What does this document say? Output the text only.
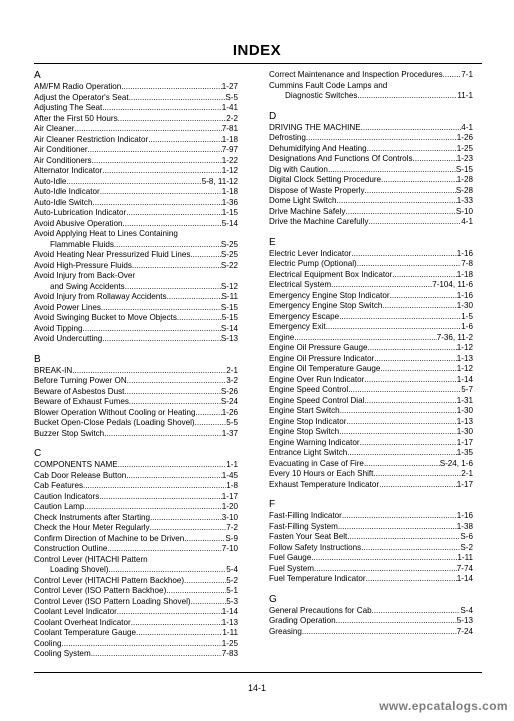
INDEX
A
AM/FM Radio Operation .....	1-27
Adjust the Operator's Seat .....	S-5
Adjusting The Seat .....	1-41
After the First 50 Hours .....	2-2
Air Cleaner .....	7-81
Air Cleaner Restriction Indicator .....	1-18
Air Conditioner .....	7-97
Air Conditioners .....	1-22
Alternator Indicator .....	1-12
Auto-Idle .....	5-8, 11-12
Auto-Idle Indicator .....	1-18
Auto-Idle Switch .....	1-36
Auto-Lubrication Indicator .....	1-15
Avoid Abusive Operation .....	5-14
Avoid Applying Heat to Lines Containing
Flammable Fluids .....	S-25
Avoid Heating Near Pressurized Fluid Lines .....	S-25
Avoid High-Pressure Fluids .....	S-22
Avoid Injury from Back-Over
and Swing Accidents .....	S-12
Avoid Injury from Rollaway Accidents .....	S-11
Avoid Power Lines .....	S-15
Avoid Swinging Bucket to Move Objects .....	5-15
Avoid Tipping .....	S-14
Avoid Undercutting .....	S-13
B
BREAK-IN .....	2-1
Before Turning Power ON .....	3-2
Beware of Asbestos Dust .....	S-26
Beware of Exhaust Fumes .....	S-24
Blower Operation Without Cooling or Heating .....	1-26
Bucket Open-Close Pedals (Loading Shovel) .....	5-5
Buzzer Stop Switch .....	1-37
C
COMPONENTS NAME .....	1-1
Cab Door Release Button .....	1-45
Cab Features .....	1-8
Caution Indicators .....	1-17
Caution Lamp .....	1-20
Check Instruments after Starting .....	3-10
Check the Hour Meter Regularly .....	7-2
Confirm Direction of Machine to be Driven .....	S-9
Construction Outline .....	7-10
Control Lever (HITACHI Pattern
Loading Shovel) .....	5-4
Control Lever (HITACHI Pattern Backhoe) .....	5-2
Control Lever (ISO Pattern Backhoe) .....	5-1
Control Lever (ISO Pattern Loading Shovel) .....	5-3
Coolant Level Indicator .....	1-14
Coolant Overheat Indicator .....	1-13
Coolant Temperature Gauge .....	1-11
Cooling .....	1-25
Cooling System .....	7-83
Correct Maintenance and Inspection Procedures ..... 7-1
Cummins Fault Code Lamps and
Diagnostic Switches .....	11-1
D
DRIVING THE MACHINE .....	4-1
Defrosting .....	1-26
Dehumidifying And Heating .....	1-25
Designations And Functions Of Controls .....	1-23
Dig with Caution .....	S-15
Digital Clock Setting Procedure .....	1-28
Dispose of Waste Properly .....	S-28
Dome Light Switch .....	1-33
Drive Machine Safely .....	S-10
Drive the Machine Carefully .....	4-1
E
Electric Lever Indicator .....	1-16
Electric Pump (Optional) .....	7-8
Electrical Equipment Box Indicator .....	1-18
Electrical System .....	7-104, 11-6
Emergency Engine Stop Indicator .....	1-16
Emergency Engine Stop Switch .....	1-30
Emergency Escape .....	1-5
Emergency Exit .....	1-6
Engine .....	7-36, 11-2
Engine Oil Pressure Gauge .....	1-12
Engine Oil Pressure Indicator .....	1-13
Engine Oil Temperature Gauge .....	1-12
Engine Over Run Indicator .....	1-14
Engine Speed Control .....	5-7
Engine Speed Control Dial .....	1-31
Engine Start Switch .....	1-30
Engine Stop Indicator .....	1-13
Engine Stop Switch .....	1-30
Engine Warning Indicator .....	1-17
Entrance Light Switch .....	1-35
Evacuating in Case of Fire .....	S-24, 1-6
Every 10 Hours or Each Shift .....	2-1
Exhaust Temperature Indicator .....	1-17
F
Fast-Filling Indicator .....	1-16
Fast-Filling System .....	1-38
Fasten Your Seat Belt .....	S-6
Follow Safety Instructions .....	S-2
Fuel Gauge .....	1-11
Fuel System .....	7-74
Fuel Temperature Indicator .....	1-14
G
General Precautions for Cab .....	S-4
Grading Operation .....	5-13
Greasing .....	7-24
14-1
www.epcatalogs.com
